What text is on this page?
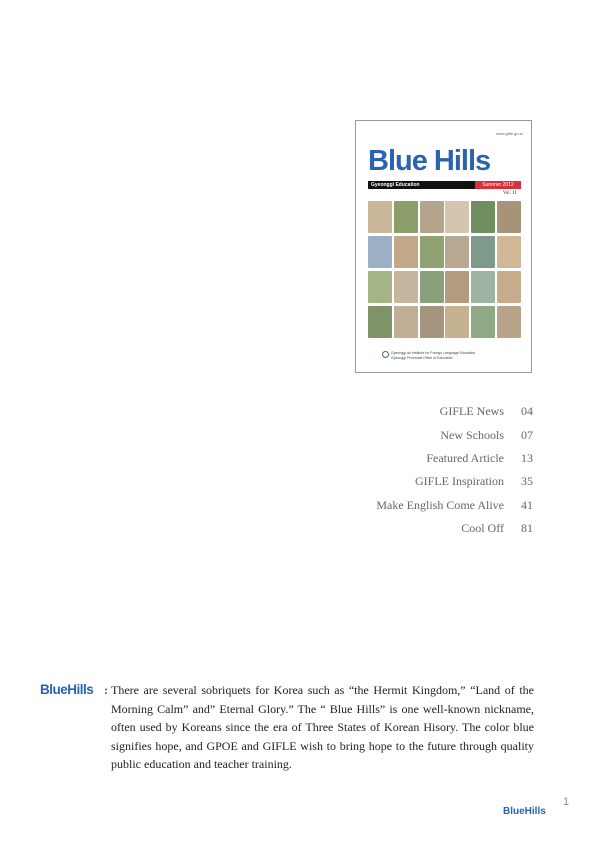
www.gifle.go.kr
Blue Hills
Gyeonggi Education	Summer 2012
Vol. 11
Gyeonggi-do Institute for Foreign Language Education
Gyeonggi Provincial Office of Education
GIFLE News	04
New Schools	07
Featured Article	13
GIFLE Inspiration	35
Make English Come Alive	41
Cool Off	81
BlueHills : There are several sobriquets for Korea such as “the Hermit Kingdom,” “Land of the Morning Calm” and” Eternal Glory.” The “ Blue Hills” is one well-known nickname, often used by Koreans since the era of Three States of Korean Hisory. The color blue signifies hope, and GPOE and GIFLE wish to bring hope to the future through quality public education and teacher training.
1
BlueHills
